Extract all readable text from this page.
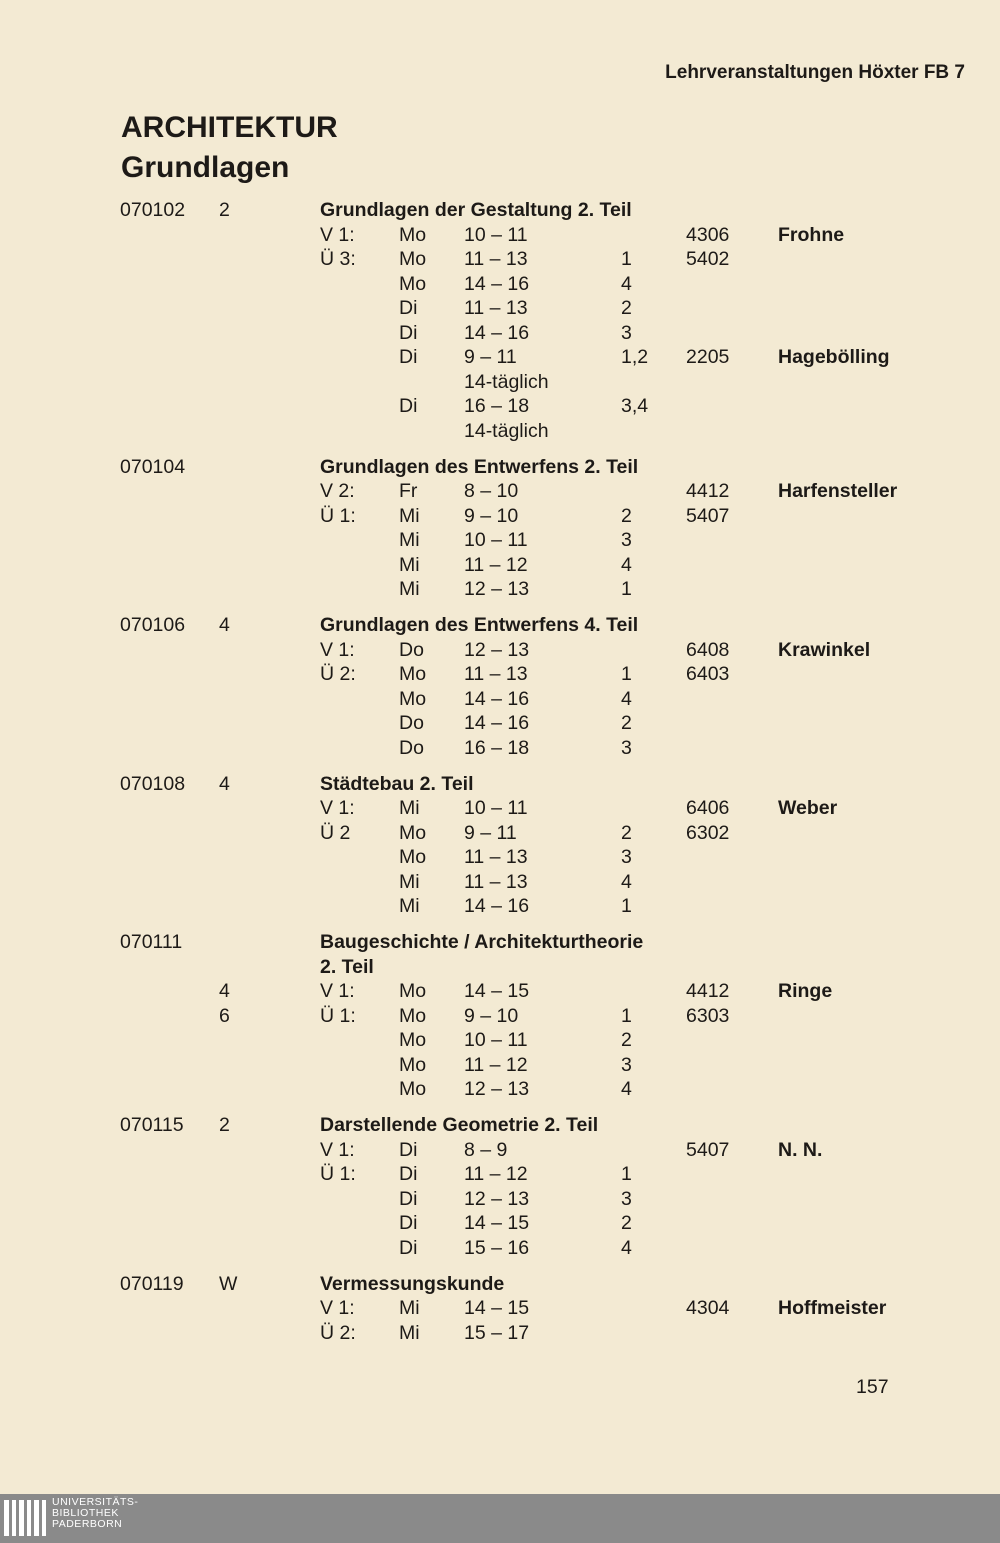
Lehrveranstaltungen Höxter FB 7
ARCHITEKTUR
Grundlagen
070102 2	Grundlagen der Gestaltung 2. Teil
V 1: Mo 10 – 11	4306 Frohne
Ü 3: Mo 11 – 13	1	5402
Mo 14 – 16	4
Di 11 – 13	2
Di 14 – 16	3
Di 9 – 11	1,2 2205 Hagebölling
14-täglich
Di 16 – 18	3,4
14-täglich
070104	Grundlagen des Entwerfens 2. Teil
V 2: Fr 8 – 10	4412 Harfensteller
Ü 1: Mi 9 – 10	2	5407
Mi 10 – 11	3
Mi 11 – 12	4
Mi 12 – 13	1
070106 4	Grundlagen des Entwerfens 4. Teil
V 1: Do 12 – 13	6408 Krawinkel
Ü 2: Mo 11 – 13	1	6403
Mo 14 – 16	4
Do 14 – 16	2
Do 16 – 18	3
070108 4	Städtebau 2. Teil
V 1: Mi 10 – 11	6406 Weber
Ü 2 Mo 9 – 11	2	6302
Mo 11 – 13	3
Mi 11 – 13	4
Mi 14 – 16	1
070111	Baugeschichte / Architekturtheorie
2. Teil
4	V 1: Mo 14 – 15	4412 Ringe
6	Ü 1: Mo 9 – 10	1	6303
Mo 10 – 11	2
Mo 11 – 12	3
Mo 12 – 13	4
070115 2	Darstellende Geometrie 2. Teil
V 1: Di 8 – 9	5407 N. N.
Ü 1: Di 11 – 12	1
Di 12 – 13	3
Di 14 – 15	2
Di 15 – 16	4
070119 W	Vermessungskunde
V 1: Mi 14 – 15	4304 Hoffmeister
Ü 2: Mi 15 – 17
157
UNIVERSITÄTS-
BIBLIOTHEK
PADERBORN
